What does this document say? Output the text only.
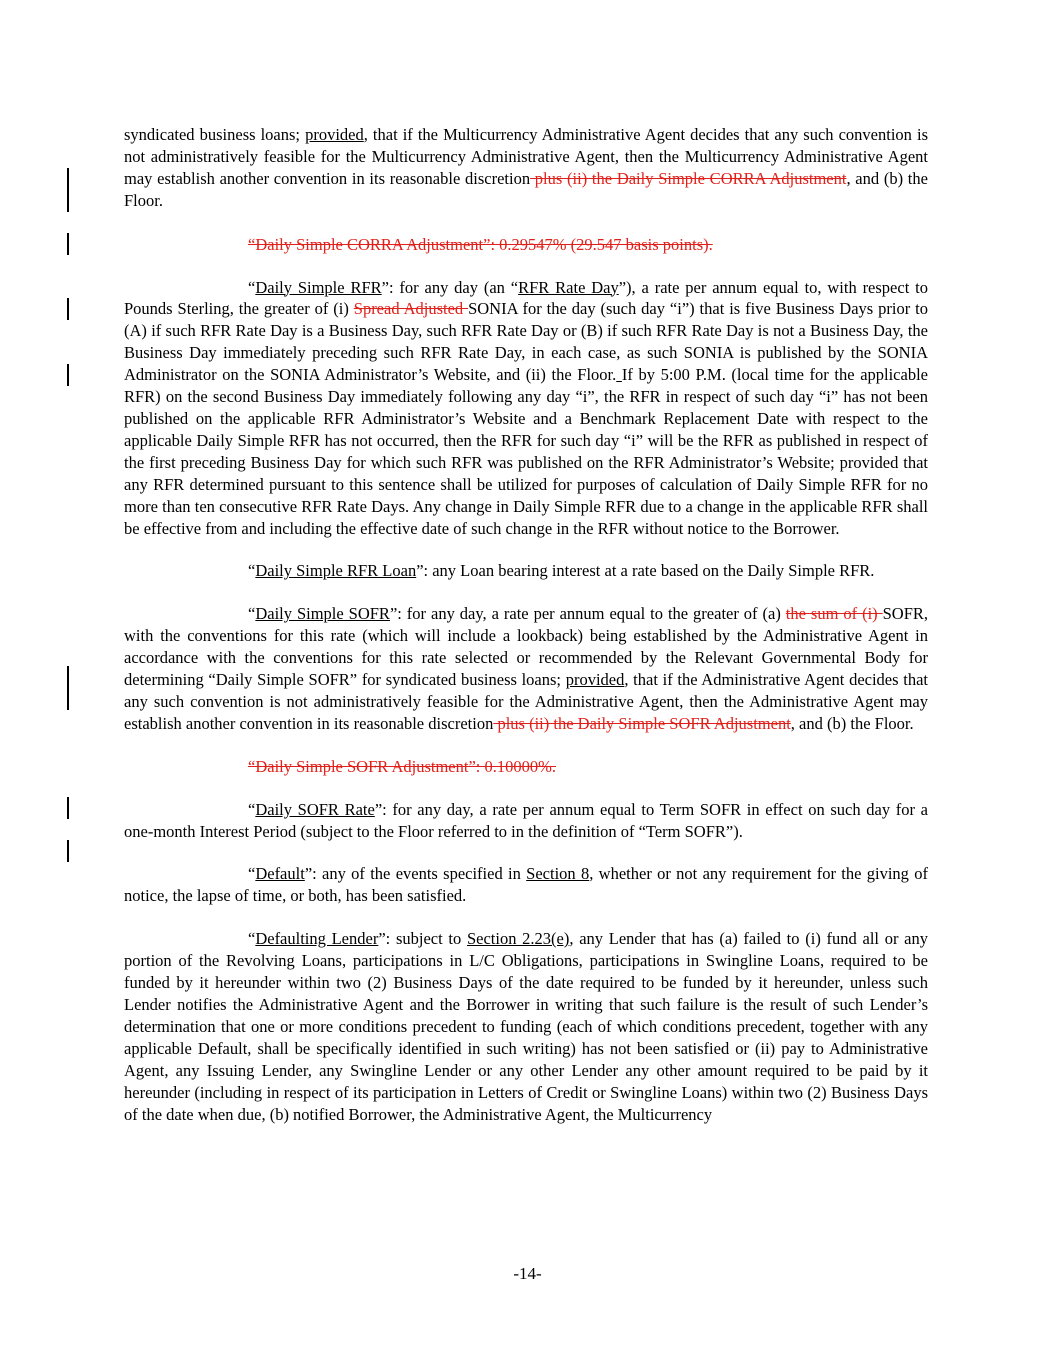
syndicated business loans; provided, that if the Multicurrency Administrative Agent decides that any such convention is not administratively feasible for the Multicurrency Administrative Agent, then the Multicurrency Administrative Agent may establish another convention in its reasonable discretion plus (ii) the Daily Simple CORRA Adjustment, and (b) the Floor.

“Daily Simple CORRA Adjustment”: 0.29547% (29.547 basis points).

“Daily Simple RFR”: for any day (an “RFR Rate Day”), a rate per annum equal to, with respect to Pounds Sterling, the greater of (i) Spread Adjusted SONIA for the day (such day “i”) that is five Business Days prior to (A) if such RFR Rate Day is a Business Day, such RFR Rate Day or (B) if such RFR Rate Day is not a Business Day, the Business Day immediately preceding such RFR Rate Day, in each case, as such SONIA is published by the SONIA Administrator on the SONIA Administrator’s Website, and (ii) the Floor. If by 5:00 P.M. (local time for the applicable RFR) on the second Business Day immediately following any day “i”, the RFR in respect of such day “i” has not been published on the applicable RFR Administrator’s Website and a Benchmark Replacement Date with respect to the applicable Daily Simple RFR has not occurred, then the RFR for such day “i” will be the RFR as published in respect of the first preceding Business Day for which such RFR was published on the RFR Administrator’s Website; provided that any RFR determined pursuant to this sentence shall be utilized for purposes of calculation of Daily Simple RFR for no more than ten consecutive RFR Rate Days. Any change in Daily Simple RFR due to a change in the applicable RFR shall be effective from and including the effective date of such change in the RFR without notice to the Borrower.

“Daily Simple RFR Loan”: any Loan bearing interest at a rate based on the Daily Simple RFR.

“Daily Simple SOFR”: for any day, a rate per annum equal to the greater of (a) the sum of (i) SOFR, with the conventions for this rate (which will include a lookback) being established by the Administrative Agent in accordance with the conventions for this rate selected or recommended by the Relevant Governmental Body for determining “Daily Simple SOFR” for syndicated business loans; provided, that if the Administrative Agent decides that any such convention is not administratively feasible for the Administrative Agent, then the Administrative Agent may establish another convention in its reasonable discretion plus (ii) the Daily Simple SOFR Adjustment, and (b) the Floor.

“Daily Simple SOFR Adjustment”: 0.10000%.

“Daily SOFR Rate”: for any day, a rate per annum equal to Term SOFR in effect on such day for a one-month Interest Period (subject to the Floor referred to in the definition of “Term SOFR”).

“Default”: any of the events specified in Section 8, whether or not any requirement for the giving of notice, the lapse of time, or both, has been satisfied.

“Defaulting Lender”: subject to Section 2.23(e), any Lender that has (a) failed to (i) fund all or any portion of the Revolving Loans, participations in L/C Obligations, participations in Swingline Loans, required to be funded by it hereunder within two (2) Business Days of the date required to be funded by it hereunder, unless such Lender notifies the Administrative Agent and the Borrower in writing that such failure is the result of such Lender’s determination that one or more conditions precedent to funding (each of which conditions precedent, together with any applicable Default, shall be specifically identified in such writing) has not been satisfied or (ii) pay to Administrative Agent, any Issuing Lender, any Swingline Lender or any other Lender any other amount required to be paid by it hereunder (including in respect of its participation in Letters of Credit or Swingline Loans) within two (2) Business Days of the date when due, (b) notified Borrower, the Administrative Agent, the Multicurrency

-14-
